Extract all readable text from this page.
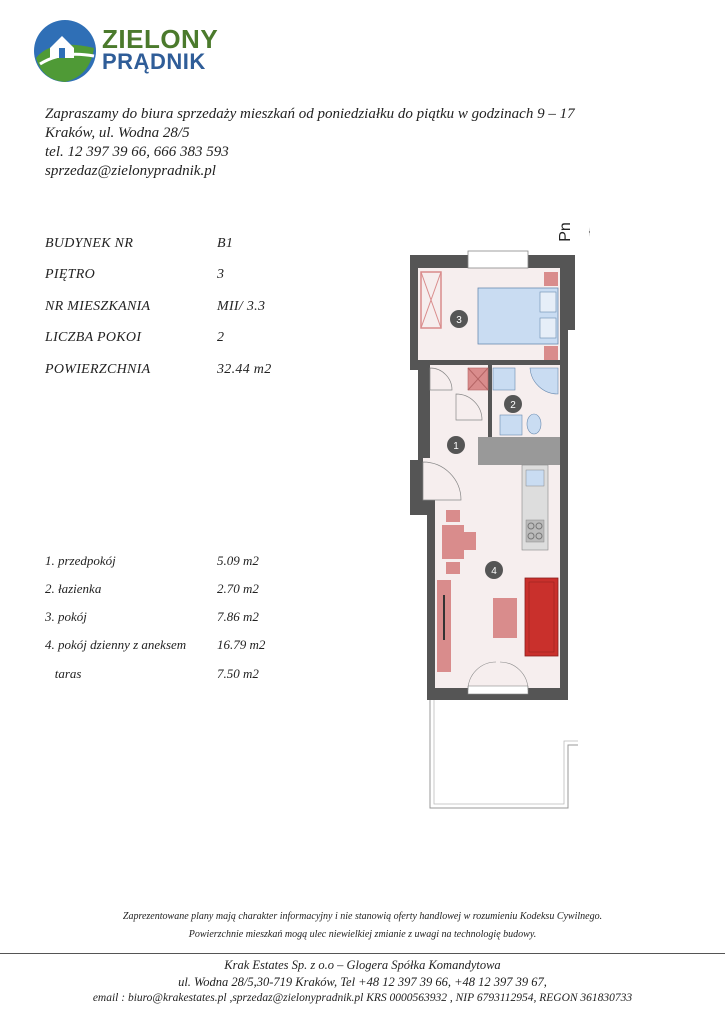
ZIELONY
PRĄDNIK
Zapraszamy do biura sprzedaży mieszkań od poniedziałku do piątku w godzinach 9 – 17
Kraków, ul. Wodna 28/5
tel. 12 397 39 66, 666 383 593
sprzedaz@zielonypradnik.pl
BUDYNEK NR	B1
PIĘTRO	3
NR MIESZKANIA	MII/ 3.3
LICZBA POKOI	2
POWIERZCHNIA	32.44 m2
1. przedpokój	5.09 m2
2. łazienka	2.70 m2
3. pokój	7.86 m2
4. pokój dzienny z aneksem 16.79 m2
taras	7.50 m2
Pn
3
2
1
4
Zaprezentowane plany mają charakter informacyjny i nie stanowią oferty handlowej w rozumieniu Kodeksu Cywilnego.
Powierzchnie mieszkań mogą ulec niewielkiej zmianie z uwagi na technologię budowy.
Krak Estates Sp. z o.o – Glogera Spółka Komandytowa
ul. Wodna 28/5,30-719 Kraków, Tel +48 12 397 39 66, +48 12 397 39 67,
email : biuro@krakestates.pl ,sprzedaz@zielonypradnik.pl KRS 0000563932 , NIP 6793112954, REGON 361830733
